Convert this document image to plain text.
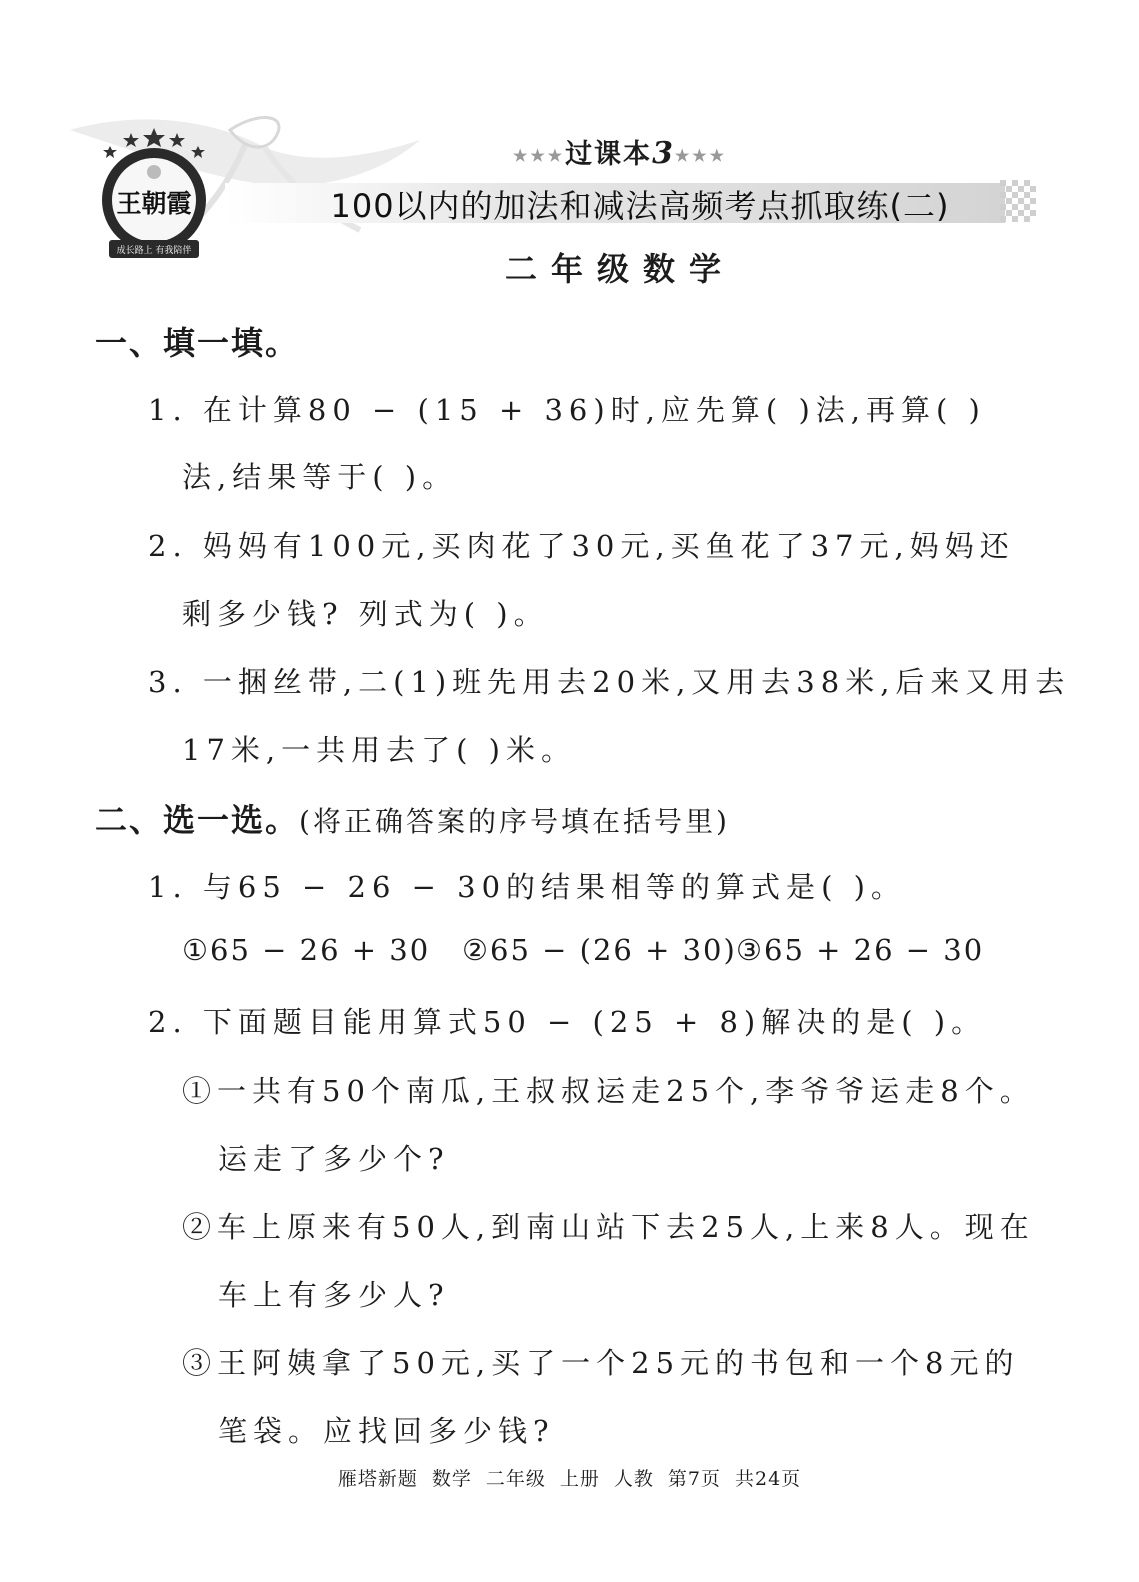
王朝霞
成长路上 有我陪伴
★★★过课本3★★★
100以内的加法和减法高频考点抓取练(二)
二年级数学
一、填一填。
1. 在计算80 − (15 + 36)时,应先算( )法,再算( )
法,结果等于( )。
2. 妈妈有100元,买肉花了30元,买鱼花了37元,妈妈还
剩多少钱? 列式为( )。
3. 一捆丝带,二(1)班先用去20米,又用去38米,后来又用去
17米,一共用去了( )米。
二、选一选。(将正确答案的序号填在括号里)
1. 与65 − 26 − 30的结果相等的算式是( )。
①65 − 26 + 30 ②65 − (26 + 30) ③65 + 26 − 30
2. 下面题目能用算式50 − (25 + 8)解决的是( )。
①一共有50个南瓜,王叔叔运走25个,李爷爷运走8个。
运走了多少个?
②车上原来有50人,到南山站下去25人,上来8人。现在
车上有多少人?
③王阿姨拿了50元,买了一个25元的书包和一个8元的
笔袋。应找回多少钱?
雁塔新题 数学 二年级 上册 人教 第7页 共24页
